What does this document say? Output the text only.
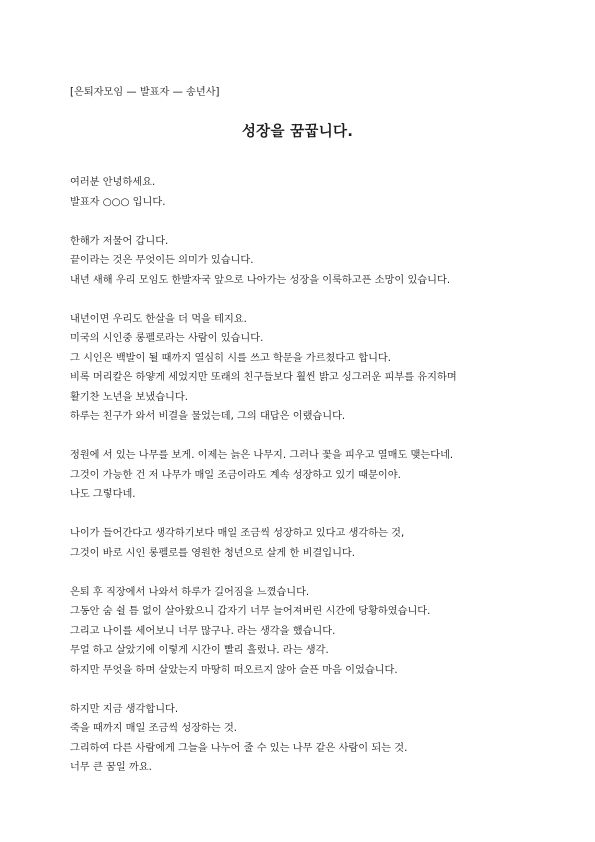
[은퇴자모임 — 발표자 — 송년사]

성장을 꿈꿉니다.

여러분 안녕하세요.

발표자 ○○○ 입니다.

한해가 저물어 갑니다.

끝이라는 것은 무엇이든 의미가 있습니다.

내년 새해 우리 모임도 한발자국 앞으로 나아가는 성장을 이룩하고픈 소망이 있습니다.

내년이면 우리도 한살을 더 먹을 테지요.

미국의 시인중 롱펠로라는 사람이 있습니다.

그 시인은 백발이 될 때까지 열심히 시를 쓰고 학문을 가르쳤다고 합니다.

비록 머리칼은 하얗게 세었지만 또래의 친구들보다 훨씬 밝고 싱그러운 피부를 유지하며

활기찬 노년을 보냈습니다.

하루는 친구가 와서 비결을 물었는데, 그의 대답은 이랬습니다.

정원에 서 있는 나무를 보게. 이제는 늙은 나무지. 그러나 꽃을 피우고 열매도 맺는다네.

그것이 가능한 건 저 나무가 매일 조금이라도 계속 성장하고 있기 때문이야.

나도 그렇다네.

나이가 들어간다고 생각하기보다 매일 조금씩 성장하고 있다고 생각하는 것,

그것이 바로 시인 롱펠로를 영원한 청년으로 살게 한 비결입니다.

은퇴 후 직장에서 나와서 하루가 길어짐을 느꼈습니다.

그동안 숨 쉴 틈 없이 살아왔으니 갑자기 너무 늘어져버린 시간에 당황하였습니다.

그리고 나이를 세어보니 너무 많구나. 라는 생각을 했습니다.

무얼 하고 살았기에 이렇게 시간이 빨리 흘렀나. 라는 생각.

하지만 무엇을 하며 살았는지 마땅히 떠오르지 않아 슬픈 마음 이었습니다.

하지만 지금 생각합니다.

죽을 때까지 매일 조금씩 성장하는 것.

그리하여 다른 사람에게 그늘을 나누어 줄 수 있는 나무 같은 사람이 되는 것.

너무 큰 꿈일 까요.
